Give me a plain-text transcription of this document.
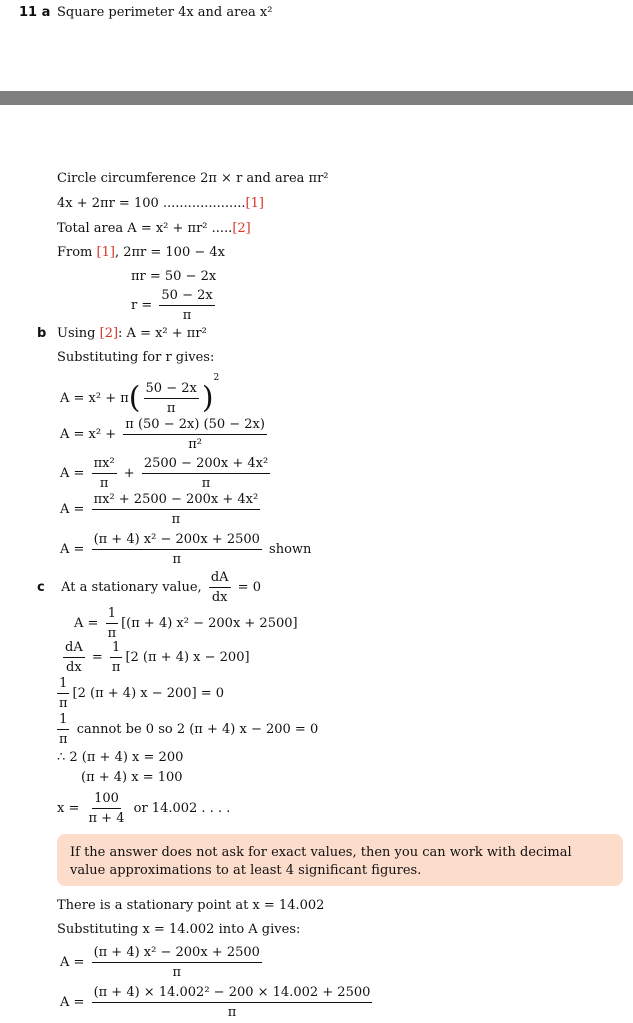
11 a Square perimeter 4x and area x²
Circle circumference 2π × r and area πr²
4x + 2πr = 100 ....................[1]
Total area A = x² + πr² .....[2]
From [1], 2πr = 100 − 4x
πr = 50 − 2x
$r = \frac{50 - 2x}{\pi}$
b Using [2]: A = x² + πr²
Substituting for r gives:
$A = x^2 + \pi( \frac{50 - 2x}{\pi} )^2$
$A = x^2 + \frac{\pi (50 - 2x) (50 - 2x)}{\text{π²}}$
$A = \frac{\text{πx²}}{\pi} + \frac{\text{2500 − 200x + 4x²}}{\pi}$
$A = \frac{\text{πx² + 2500 − 200x + 4x²}}{\pi}$
$A = \frac{\text{(π + 4) x² − 200x + 2500}}{\pi}$ shown
c At a stationary value, $\frac{dA}{dx} = 0$
$A = \frac{1}{\pi} [(\pi + 4) x^2 - 200x + 2500]$
$\frac{dA}{dx} = \frac{1}{\pi} [2$ (π + 4) x − 200]
$\frac{1}{\pi} [2$ (π + 4) x − 200] = 0
$\frac{1}{\pi}$ cannot be 0 so 2 (π + 4) x − 200 = 0
∴ 2 (π + 4) x = 200
(π + 4) x = 100
$x = \frac{100}{\pi + 4}$ or 14.002 . . . .
If the answer does not ask for exact values, then you can work with decimal value approximations to at least 4 significant figures.
There is a stationary point at x = 14.002
Substituting x = 14.002 into A gives:
$A = \frac{\text{(π + 4) x² − 200x + 2500}}{\pi}$
$A = \frac{\text{(π + 4) × 14.002² − 200 × 14.002 + 2500}}{\pi}$
